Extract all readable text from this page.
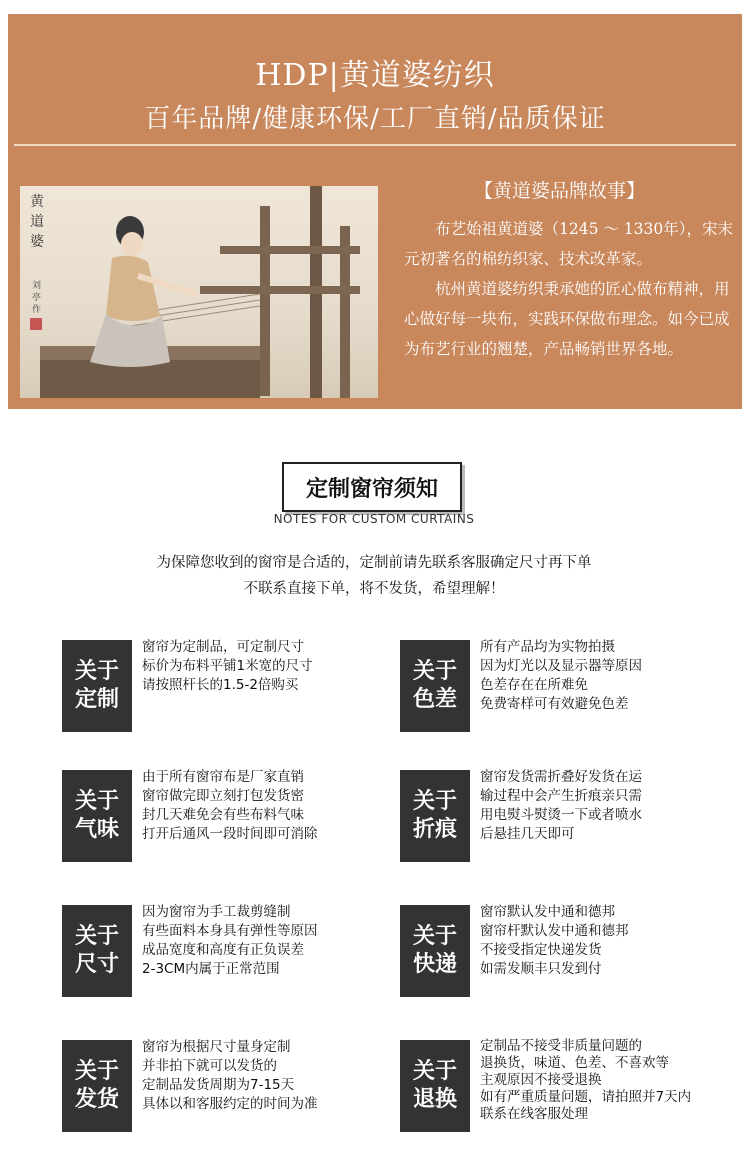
HDP|黄道婆纺织
百年品牌/健康环保/工厂直销/品质保证
黄
道
婆
刘
亭
作
【黄道婆品牌故事】

布艺始祖黄道婆（1245 ～ 1330年），宋末元初著名的棉纺织家、技术改革家。

杭州黄道婆纺织秉承她的匠心做布精神，用心做好每一块布，实践环保做布理念。如今已成为布艺行业的翘楚，产品畅销世界各地。

定制窗帘须知
NOTES FOR CUSTOM CURTAINS
为保障您收到的窗帘是合适的，定制前请先联系客服确定尺寸再下单
不联系直接下单，将不发货，希望理解！
关于
定制
窗帘为定制品，可定制尺寸
标价为布料平铺1米宽的尺寸
请按照杆长的1.5-2倍购买
关于
色差
所有产品均为实物拍摄
因为灯光以及显示器等原因
色差存在在所难免
免费寄样可有效避免色差
关于
气味
由于所有窗帘布是厂家直销
窗帘做完即立刻打包发货密
封几天难免会有些布料气味
打开后通风一段时间即可消除
关于
折痕
窗帘发货需折叠好发货在运
输过程中会产生折痕亲只需
用电熨斗熨烫一下或者喷水
后悬挂几天即可
关于
尺寸
因为窗帘为手工裁剪缝制
有些面料本身具有弹性等原因
成品宽度和高度有正负误差
2-3CM内属于正常范围
关于
快递
窗帘默认发中通和德邦
窗帘杆默认发中通和德邦
不接受指定快递发货
如需发顺丰只发到付
关于
发货
窗帘为根据尺寸量身定制
并非拍下就可以发货的
定制品发货周期为7-15天
具体以和客服约定的时间为准
关于
退换
定制品不接受非质量问题的
退换货，味道、色差、不喜欢等
主观原因不接受退换
如有严重质量问题，请拍照并7天内
联系在线客服处理
